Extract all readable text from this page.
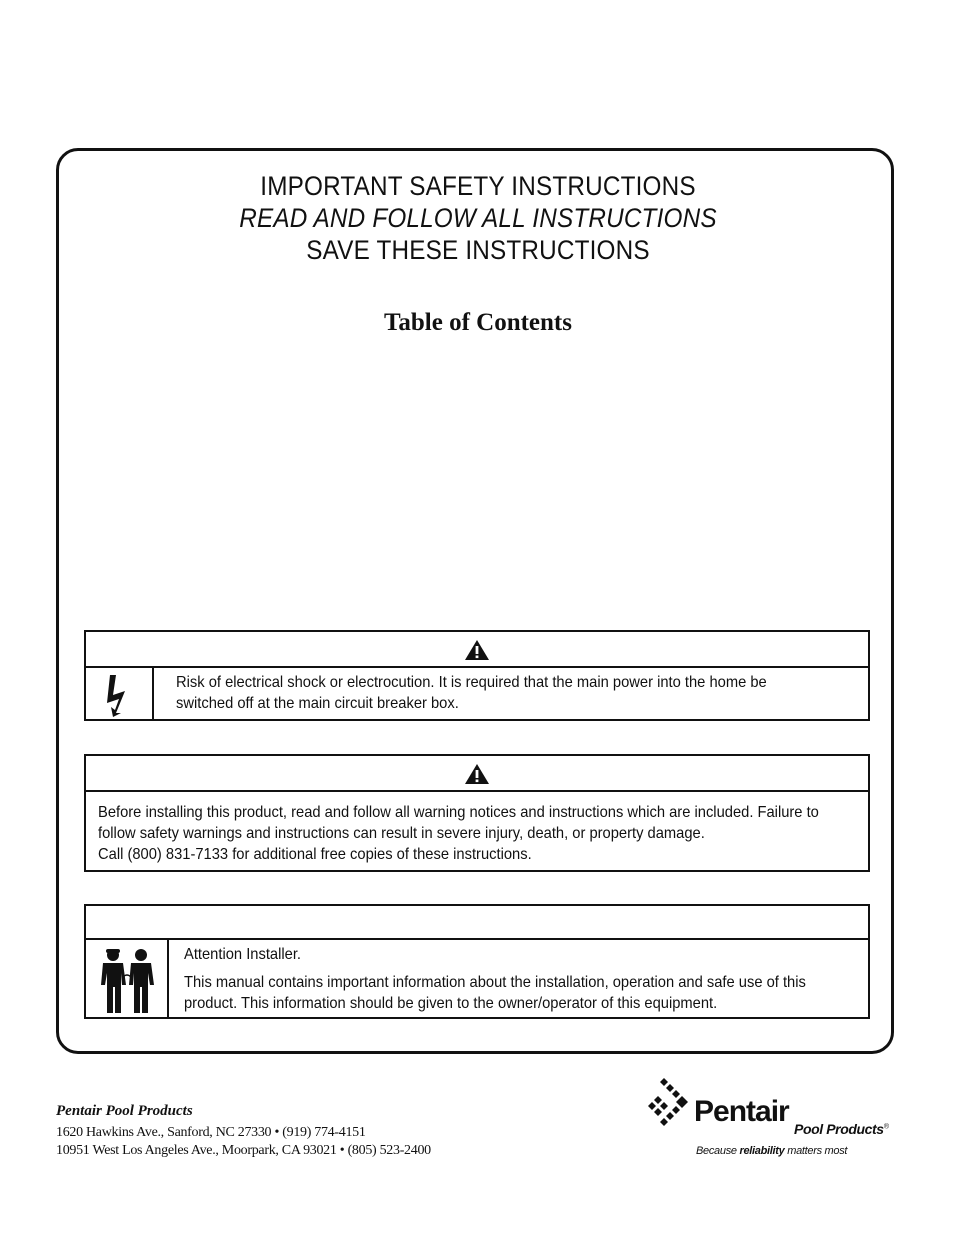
IMPORTANT SAFETY INSTRUCTIONS
READ AND FOLLOW ALL INSTRUCTIONS
SAVE THESE INSTRUCTIONS
Table of Contents
Risk of electrical shock or electrocution. It is required that the main power into the home be
switched off at the main circuit breaker box.
Before installing this product, read and follow all warning notices and instructions which are included. Failure to
follow safety warnings and instructions can result in severe injury, death, or property damage.
Call (800) 831-7133 for additional free copies of these instructions.
Attention Installer.
This manual contains important information about the installation, operation and safe use of this
product. This information should be given to the owner/operator of this equipment.
Pentair Pool Products
1620 Hawkins Ave., Sanford, NC 27330 • (919) 774-4151
10951 West Los Angeles Ave., Moorpark, CA 93021 • (805) 523-2400
Pentair
Pool Products®
Because reliability matters most
